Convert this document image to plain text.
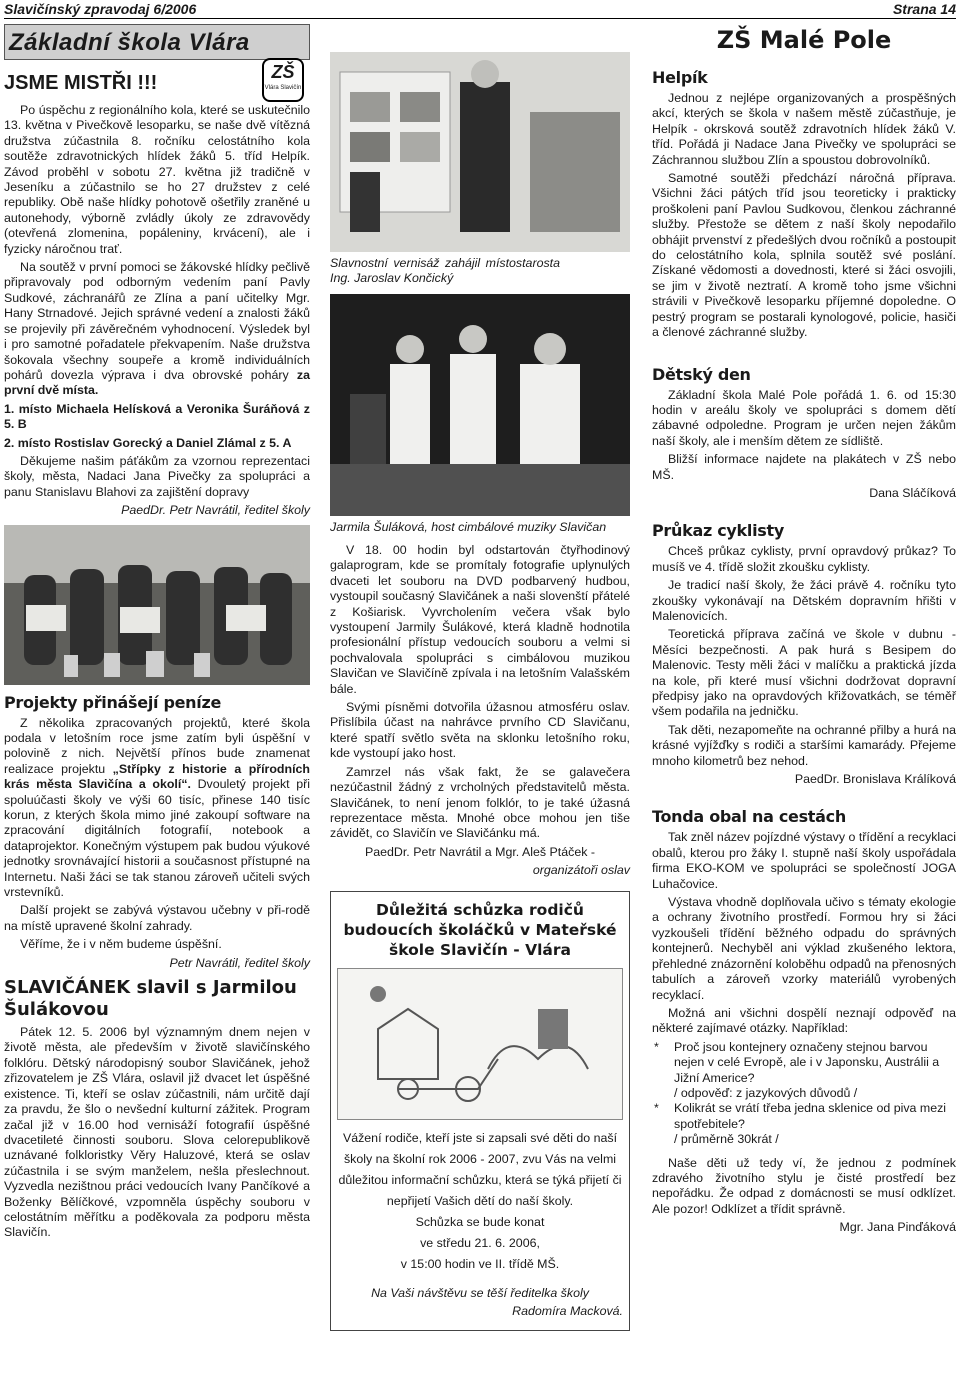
Slavičínský zpravodaj 6/2006	Strana 14
Základní škola Vlára
ZŠ
Vlára Slavičín
JSME MISTŘI !!!

Po úspěchu z regionálního kola, které se uskutečnilo 13. května v Pivečkově lesoparku, se naše dvě vítězná družstva zúčastnila 8. ročníku celostátního kola soutěže zdravotnických hlídek žáků 5. tříd Helpík. Závod proběhl v sobotu 27. května již tradičně v Jeseníku a zúčastnilo se ho 27 družstev z celé republiky. Obě naše hlídky pohotově ošetřily zraněné u autonehody, výborně zvládly úkoly ze zdravovědy (otevřená zlomenina, popáleniny, krvácení), ale i fyzicky náročnou trať.

Na soutěž v první pomoci se žákovské hlídky pečlivě připravovaly pod odborným vedením paní Pavly Sudkové, záchranářů ze Zlína a paní učitelky Mgr. Hany Strnadové. Jejich správné vedení a znalosti žáků se projevily při závěrečném vyhodnocení. Výsledek byl i pro samotné pořadatele překvapením. Naše družstva šokovala všechny soupeře a kromě individuálních pohárů dovezla výprava i dva obrovské poháry za první dvě místa.

1. místo Michaela Helísková a Veronika Šuráňová z 5. B

2. místo Rostislav Gorecký a Daniel Zlámal z 5. A

Děkujeme našim páťákům za vzornou reprezentaci školy, města, Nadaci Jana Pivečky za spolupráci a panu Stanislavu Blahovi za zajištění dopravy

PaedDr. Petr Navrátil, ředitel školy

Projekty přinášejí peníze

Z několika zpracovaných projektů, které škola podala v letošním roce jsme zatím byli úspěšní v polovině z nich. Největší přínos bude znamenat realizace projektu „Střípky z historie a přírodních krás města Slavičína a okolí“. Dvouletý projekt při spoluúčasti školy ve výši 60 tisíc, přinese 140 tisíc korun, z kterých škola mimo jiné zakoupí software na zpracování digitálních fotografií, notebook a dataprojektor. Konečným výstupem pak budou výukové jednotky srovnávající historii a současnost přístupné na Internetu. Naši žáci se tak stanou zároveň učiteli svých vrstevníků.

Další projekt se zabývá výstavou učebny v při-rodě na místě upravené školní zahrady.

Věříme, že i v něm budeme úspěšní.

Petr Navrátil, ředitel školy

SLAVIČÁNEK slavil s Jarmilou Šulákovou

Pátek 12. 5. 2006 byl významným dnem nejen v životě města, ale především v životě slavičínského folklóru. Dětský národopisný soubor Slavičánek, jehož zřizovatelem je ZŠ Vlára, oslavil již dvacet let úspěšné existence. Ti, kteří se oslav zúčastnili, nám určitě dají za pravdu, že šlo o nevšední kulturní zážitek. Program začal již v 16.00 hod vernisáží fotografií úspěšné dvacetileté činnosti souboru. Slova celorepublikově uznávané folkloristky Věry Haluzové, která se oslav zúčastnila i se svým manželem, nešla přeslechnout. Vyzvedla nezištnou práci vedoucích Ivany Pančíkové a Boženky Bělíčkové, vzpomněla úspěchy souboru v celostátním měřítku a poděkovala za podporu města Slavičín.

Slavnostní vernisáž zahájil místostarosta Ing. Jaroslav Končický

Jarmila Šuláková, host cimbálové muziky Slavičan

V 18. 00 hodin byl odstartován čtyřhodinový galaprogram, kde se promítaly fotografie uplynulých dvaceti let souboru na DVD podbarvený hudbou, vystoupil současný Slavičánek a naši slovenští přátelé z Košiarisk. Vyvrcholením večera však bylo vystoupení Jarmily Šulákové, která kladně hodnotila profesionální přístup vedoucích souboru a velmi si pochvalovala spolupráci s cimbálovou muzikou Slavičan ve Slavičíně zpívala i na letošním Valašském bále.

Svými písněmi dotvořila úžasnou atmosféru oslav. Přislíbila účast na nahrávce prvního CD Slavičanu, které spatří světlo světa na sklonku letošního roku, kde vystoupí jako host.

Zamrzel nás však fakt, že se galavečera nezúčastnil žádný z vrcholných představitelů města. Slavičánek, to není jenom folklór, to je také úžasná reprezentace města. Mnohé obce mohou jen tiše závidět, co Slavičín ve Slavičánku má.

PaedDr. Petr Navrátil a Mgr. Aleš Ptáček -

organizátoři oslav

Důležitá schůzka rodičů budoucích školáčků v Mateřské škole Slavičín - Vlára

Vážení rodiče, kteří jste si zapsali své děti do naší školy na školní rok 2006 - 2007, zvu Vás na velmi důležitou informační schůzku, která se týká přijetí či nepřijetí Vašich dětí do naší školy.

Schůzka se bude konat

ve středu 21. 6. 2006,

v 15:00 hodin ve II. třídě MŠ.

Na Vaši návštěvu se těší ředitelka školy

Radomíra Macková.

ZŠ Malé Pole
Helpík

Jednou z nejlépe organizovaných a prospěšných akcí, kterých se škola v našem městě zúčastňuje, je Helpík - okrsková soutěž zdravotních hlídek žáků V. tříd. Pořádá ji Nadace Jana Pivečky ve spolupráci se Záchrannou službou Zlín a spoustou dobrovolníků.

Samotné soutěži předchází náročná příprava. Všichni žáci pátých tříd jsou teoreticky i prakticky proškoleni paní Pavlou Sudkovou, členkou záchranné služby. Přestože se dětem z naší školy nepodařilo obhájit prvenství z předešlých dvou ročníků a postoupit do celostátního kola, splnila soutěž své poslání. Získané vědomosti a dovednosti, které si žáci osvojili, se jim v životě neztratí. A kromě toho jsme všichni strávili v Pivečkově lesoparku příjemné dopoledne. O pestrý program se postarali kynologové, policie, hasiči a členové záchranné služby.

Dětský den

Základní škola Malé Pole pořádá 1. 6. od 15:30 hodin v areálu školy ve spolupráci s domem dětí zábavné odpoledne. Program je určen nejen žákům naší školy, ale i menším dětem ze sídliště.

Bližší informace najdete na plakátech v ZŠ nebo MŠ.

Dana Sláčíková

Průkaz cyklisty

Chceš průkaz cyklisty, první opravdový průkaz? To musíš ve 4. třídě složit zkoušku cyklisty.

Je tradicí naší školy, že žáci právě 4. ročníku tyto zkoušky vykonávají na Dětském dopravním hřišti v Malenovicích.

Teoretická příprava začíná ve škole v dubnu - Měsíci bezpečnosti. A pak hurá s Besipem do Malenovic. Testy měli žáci v malíčku a praktická jízda na kole, při které musí všichni dodržovat dopravní předpisy jako na opravdových křižovatkách, se téměř všem podařila na jedničku.

Tak děti, nezapomeňte na ochranné přilby a hurá na krásné vyjížďky s rodiči a staršími kamarády. Přejeme mnoho kilometrů bez nehod.

PaedDr. Bronislava Králíková

Tonda obal na cestách

Tak zněl název pojízdné výstavy o třídění a recyklaci obalů, kterou pro žáky I. stupně naší školy uspořádala firma EKO-KOM ve spolupráci se společností JOGA Luhačovice.

Výstava vhodně doplňovala učivo s tématy ekologie a ochrany životního prostředí. Formou hry si žáci vyzkoušeli třídění běžného odpadu do správných kontejnerů. Nechyběl ani výklad zkušeného lektora, přehledné znázornění koloběhu odpadů na přenosných tabulích a zároveň vzorky materiálů vyrobených recyklací.

Možná ani všichni dospělí neznají odpověď na některé zajímavé otázky. Například:

* Proč jsou kontejnery označeny stejnou barvou nejen v celé Evropě, ale i v Japonsku, Austrálii a Jižní Americe?
/ odpověď: z jazykových důvodů /
* Kolikrát se vrátí třeba jedna sklenice od piva mezi spotřebitele?
/ průměrně 30krát /

Naše děti už tedy ví, že jednou z podmínek zdravého životního stylu je čisté prostředí bez nepořádku. Že odpad z domácnosti se musí odklízet. Ale pozor! Odklízet a třídit správně.

Mgr. Jana Pinďáková
